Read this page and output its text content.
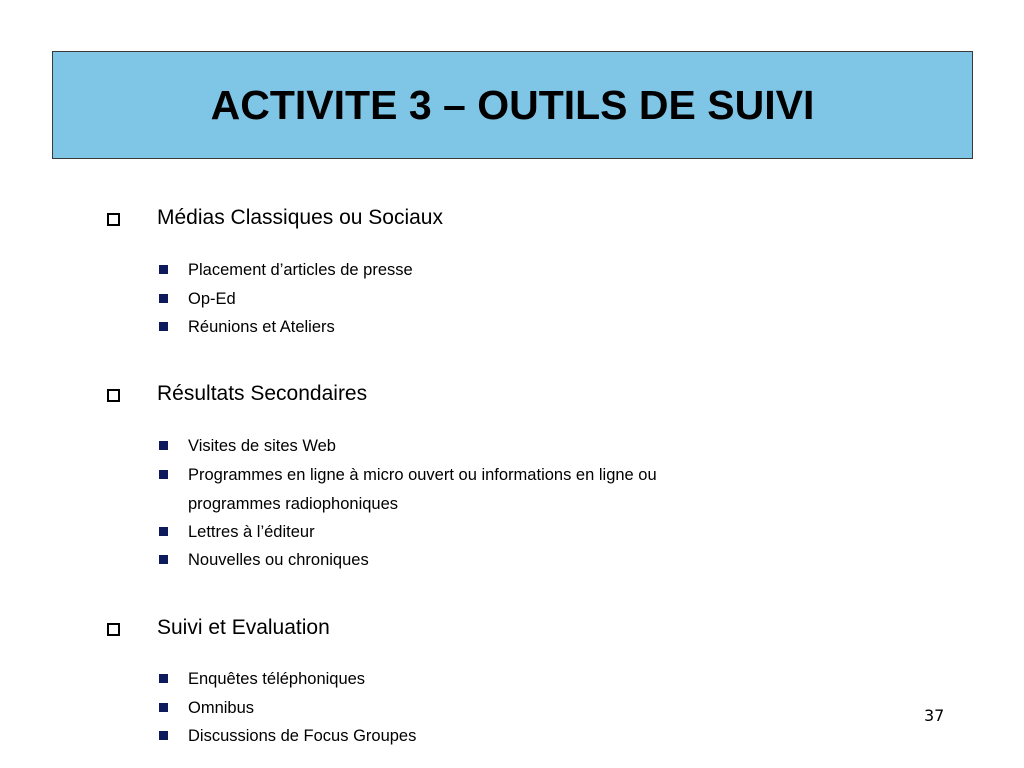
ACTIVITE 3 – OUTILS DE SUIVI
Médias Classiques ou Sociaux
Placement d’articles de presse
Op-Ed
Réunions et Ateliers
Résultats Secondaires
Visites de sites Web
Programmes en ligne à micro ouvert ou informations en ligne ou
programmes radiophoniques
Lettres à l’éditeur
Nouvelles ou chroniques
Suivi et Evaluation
Enquêtes téléphoniques
Omnibus
Discussions de Focus Groupes
37
